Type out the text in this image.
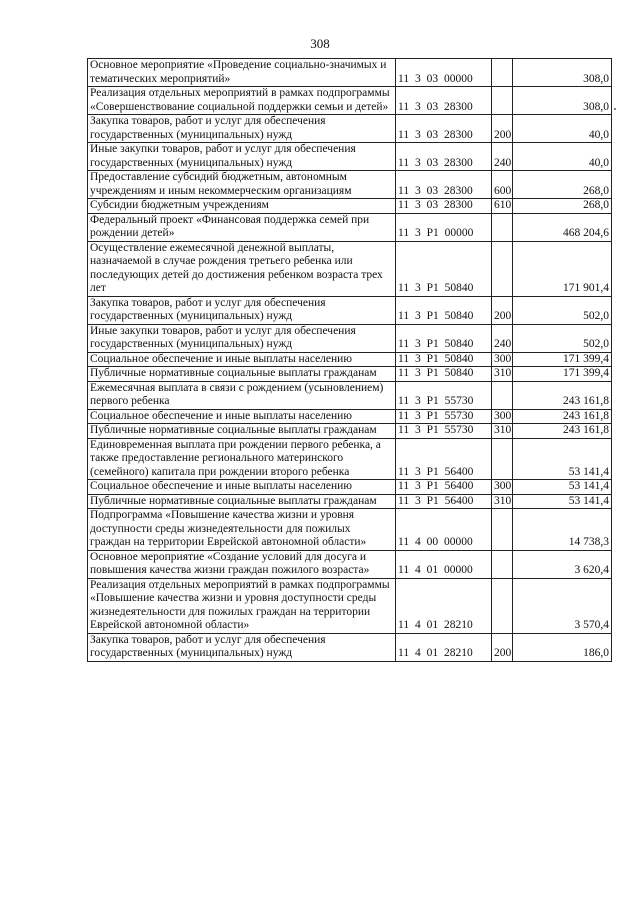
308
Основное мероприятие «Проведение социально-значимых и тематических мероприятий»	11 3 03 00000		308,0
Реализация отдельных мероприятий в рамках подпрограммы «Совершенствование социальной поддержки семьи и детей»	11 3 03 28300		308,0
Закупка товаров, работ и услуг для обеспечения государственных (муниципальных) нужд	11 3 03 28300	200	40,0
Иные закупки товаров, работ и услуг для обеспечения государственных (муниципальных) нужд	11 3 03 28300	240	40,0
Предоставление субсидий бюджетным, автономным учреждениям и иным некоммерческим организациям	11 3 03 28300	600	268,0
Субсидии бюджетным учреждениям	11 3 03 28300	610	268,0
Федеральный проект «Финансовая поддержка семей при рождении детей»	11 3 P1 00000		468 204,6
Осуществление ежемесячной денежной выплаты, назначаемой в случае рождения третьего ребенка или последующих детей до достижения ребенком возраста трех лет	11 3 P1 50840		171 901,4
Закупка товаров, работ и услуг для обеспечения государственных (муниципальных) нужд	11 3 P1 50840	200	502,0
Иные закупки товаров, работ и услуг для обеспечения государственных (муниципальных) нужд	11 3 P1 50840	240	502,0
Социальное обеспечение и иные выплаты населению	11 3 P1 50840	300	171 399,4
Публичные нормативные социальные выплаты гражданам	11 3 P1 50840	310	171 399,4
Ежемесячная выплата в связи с рождением (усыновлением) первого ребенка	11 3 P1 55730		243 161,8
Социальное обеспечение и иные выплаты населению	11 3 P1 55730	300	243 161,8
Публичные нормативные социальные выплаты гражданам	11 3 P1 55730	310	243 161,8
Единовременная выплата при рождении первого ребенка, а также предоставление регионального материнского (семейного) капитала при рождении второго ребенка	11 3 P1 56400		53 141,4
Социальное обеспечение и иные выплаты населению	11 3 P1 56400	300	53 141,4
Публичные нормативные социальные выплаты гражданам	11 3 P1 56400	310	53 141,4
Подпрограмма «Повышение качества жизни и уровня доступности среды жизнедеятельности для пожилых граждан на территории Еврейской автономной области»	11 4 00 00000		14 738,3
Основное мероприятие «Создание условий для досуга и повышения качества жизни граждан пожилого возраста»	11 4 01 00000		3 620,4
Реализация отдельных мероприятий в рамках подпрограммы «Повышение качества жизни и уровня доступности среды жизнедеятельности для пожилых граждан на территории Еврейской автономной области»	11 4 01 28210		3 570,4
Закупка товаров, работ и услуг для обеспечения государственных (муниципальных) нужд	11 4 01 28210	200	186,0
